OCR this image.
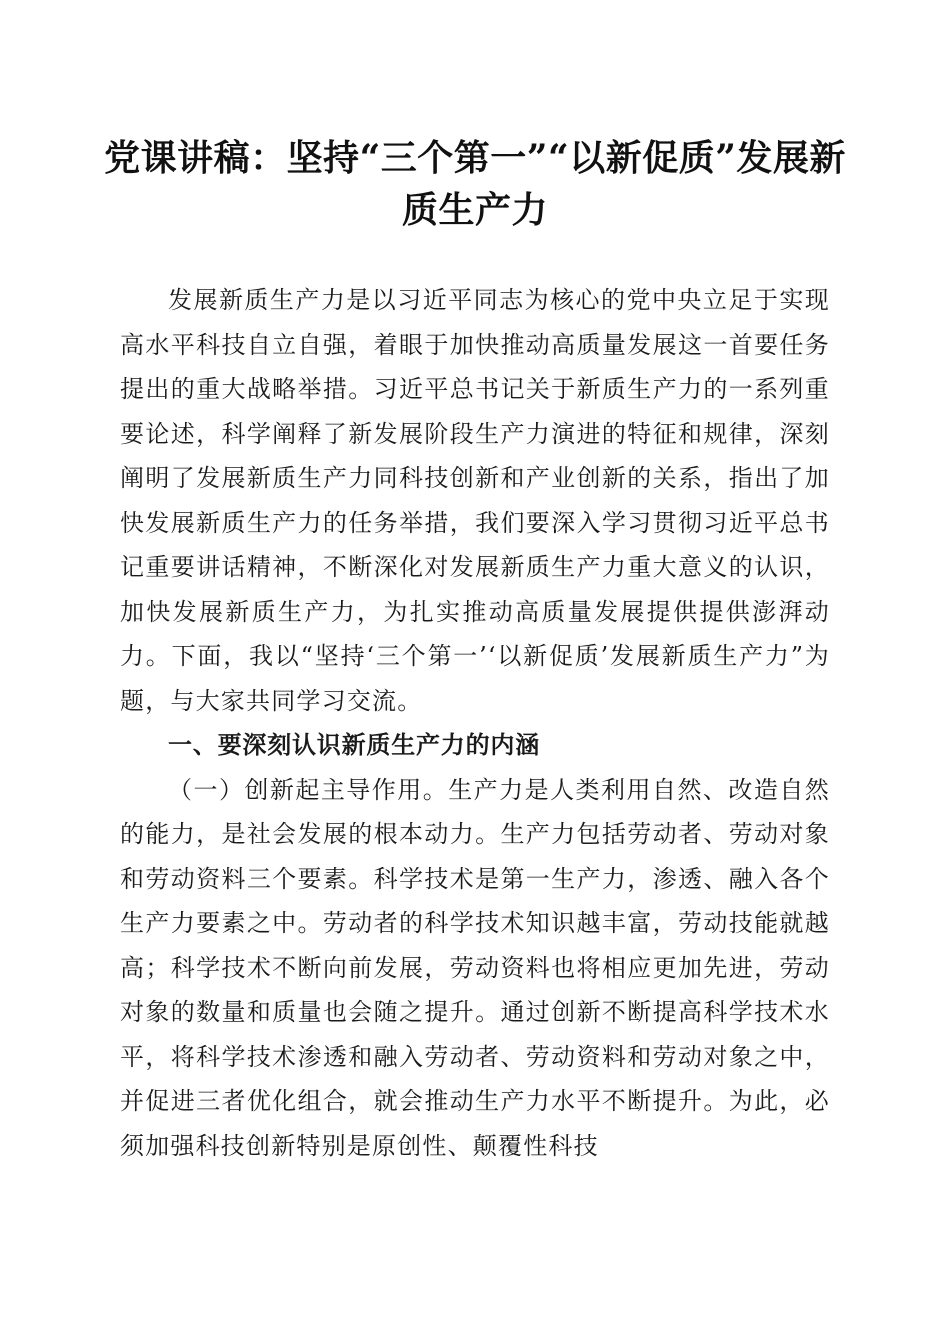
党课讲稿：坚持“三个第一”“以新促质”发展新质生产力

发展新质生产力是以习近平同志为核心的党中央立足于实现高水平科技自立自强，着眼于加快推动高质量发展这一首要任务提出的重大战略举措。习近平总书记关于新质生产力的一系列重要论述，科学阐释了新发展阶段生产力演进的特征和规律，深刻阐明了发展新质生产力同科技创新和产业创新的关系，指出了加快发展新质生产力的任务举措，我们要深入学习贯彻习近平总书记重要讲话精神，不断深化对发展新质生产力重大意义的认识，加快发展新质生产力，为扎实推动高质量发展提供提供澎湃动力。下面，我以“坚持‘三个第一’‘以新促质’发展新质生产力”为题，与大家共同学习交流。

一、要深刻认识新质生产力的内涵

（一）创新起主导作用。生产力是人类利用自然、改造自然的能力，是社会发展的根本动力。生产力包括劳动者、劳动对象和劳动资料三个要素。科学技术是第一生产力，渗透、融入各个生产力要素之中。劳动者的科学技术知识越丰富，劳动技能就越高；科学技术不断向前发展，劳动资料也将相应更加先进，劳动对象的数量和质量也会随之提升。通过创新不断提高科学技术水平，将科学技术渗透和融入劳动者、劳动资料和劳动对象之中，并促进三者优化组合，就会推动生产力水平不断提升。为此，必须加强科技创新特别是原创性、颠覆性科技
